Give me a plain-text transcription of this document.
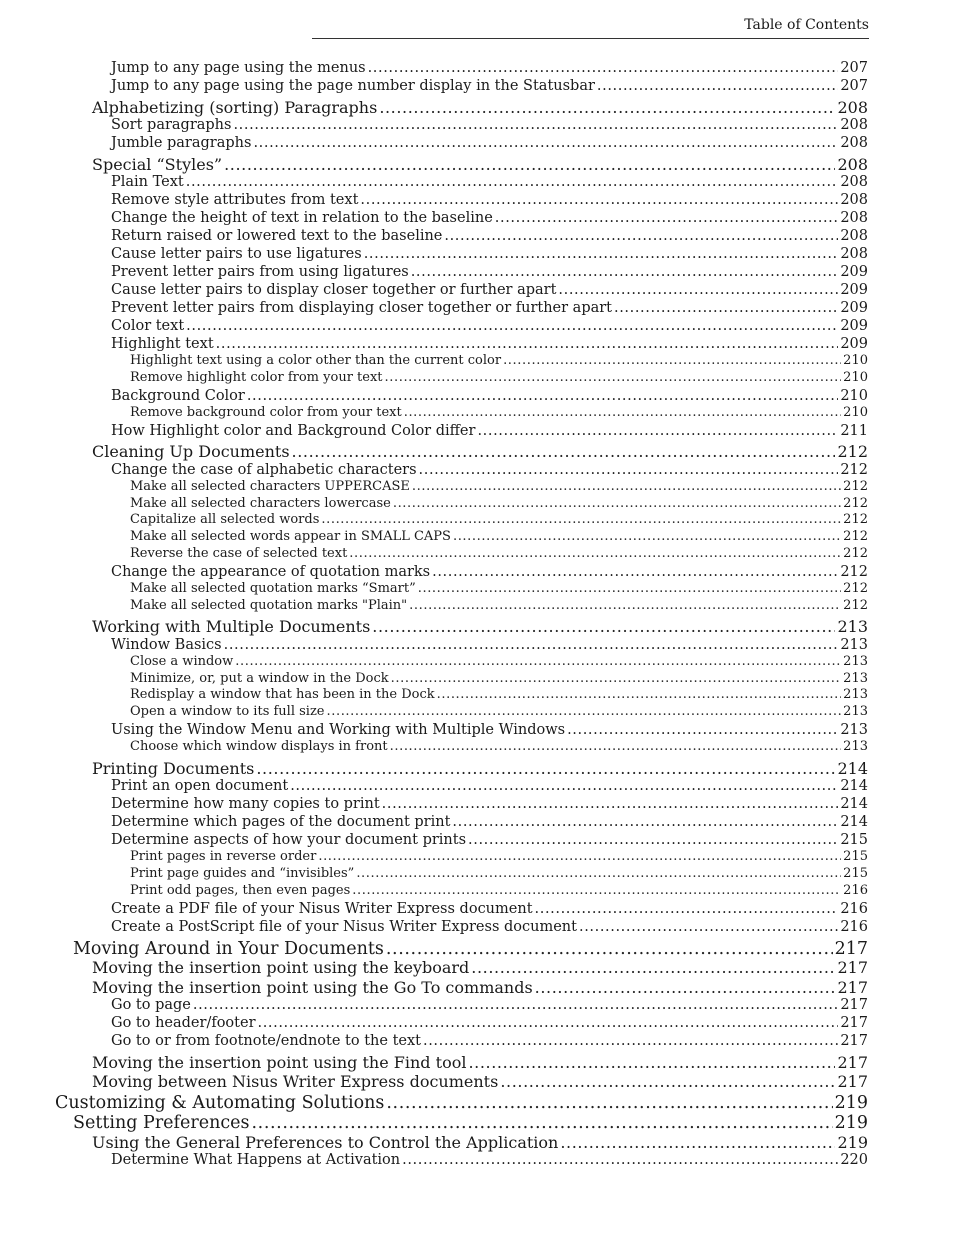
Table of Contents
Jump to any page using the menus .....	207
Jump to any page using the page number display in the Statusbar .....	207
Alphabetizing (sorting) Paragraphs .....	208
Sort paragraphs .....	208
Jumble paragraphs .....	208
Special “Styles” .....	208
Plain Text .....	208
Remove style attributes from text .....	208
Change the height of text in relation to the baseline .....	208
Return raised or lowered text to the baseline .....	208
Cause letter pairs to use ligatures .....	208
Prevent letter pairs from using ligatures .....	209
Cause letter pairs to display closer together or further apart .....	209
Prevent letter pairs from displaying closer together or further apart .....	209
Color text .....	209
Highlight text .....	209
Highlight text using a color other than the current color .....	210
Remove highlight color from your text .....	210
Background Color .....	210
Remove background color from your text .....	210
How Highlight color and Background Color differ .....	211
Cleaning Up Documents .....	212
Change the case of alphabetic characters .....	212
Make all selected characters UPPERCASE .....	212
Make all selected characters lowercase .....	212
Capitalize all selected words .....	212
Make all selected words appear in SMALL CAPS .....	212
Reverse the case of selected text .....	212
Change the appearance of quotation marks .....	212
Make all selected quotation marks “Smart” .....	212
Make all selected quotation marks "Plain" .....	212
Working with Multiple Documents .....	213
Window Basics .....	213
Close a window .....	213
Minimize, or, put a window in the Dock .....	213
Redisplay a window that has been in the Dock .....	213
Open a window to its full size .....	213
Using the Window Menu and Working with Multiple Windows .....	213
Choose which window displays in front .....	213
Printing Documents .....	214
Print an open document .....	214
Determine how many copies to print .....	214
Determine which pages of the document print .....	214
Determine aspects of how your document prints .....	215
Print pages in reverse order .....	215
Print page guides and “invisibles” .....	215
Print odd pages, then even pages .....	216
Create a PDF file of your Nisus Writer Express document .....	216
Create a PostScript file of your Nisus Writer Express document .....	216
Moving Around in Your Documents .....	217
Moving the insertion point using the keyboard .....	217
Moving the insertion point using the Go To commands .....	217
Go to page .....	217
Go to header/footer .....	217
Go to or from footnote/endnote to the text .....	217
Moving the insertion point using the Find tool .....	217
Moving between Nisus Writer Express documents .....	217
Customizing & Automating Solutions .....	219
Setting Preferences .....	219
Using the General Preferences to Control the Application .....	219
Determine What Happens at Activation .....	220
